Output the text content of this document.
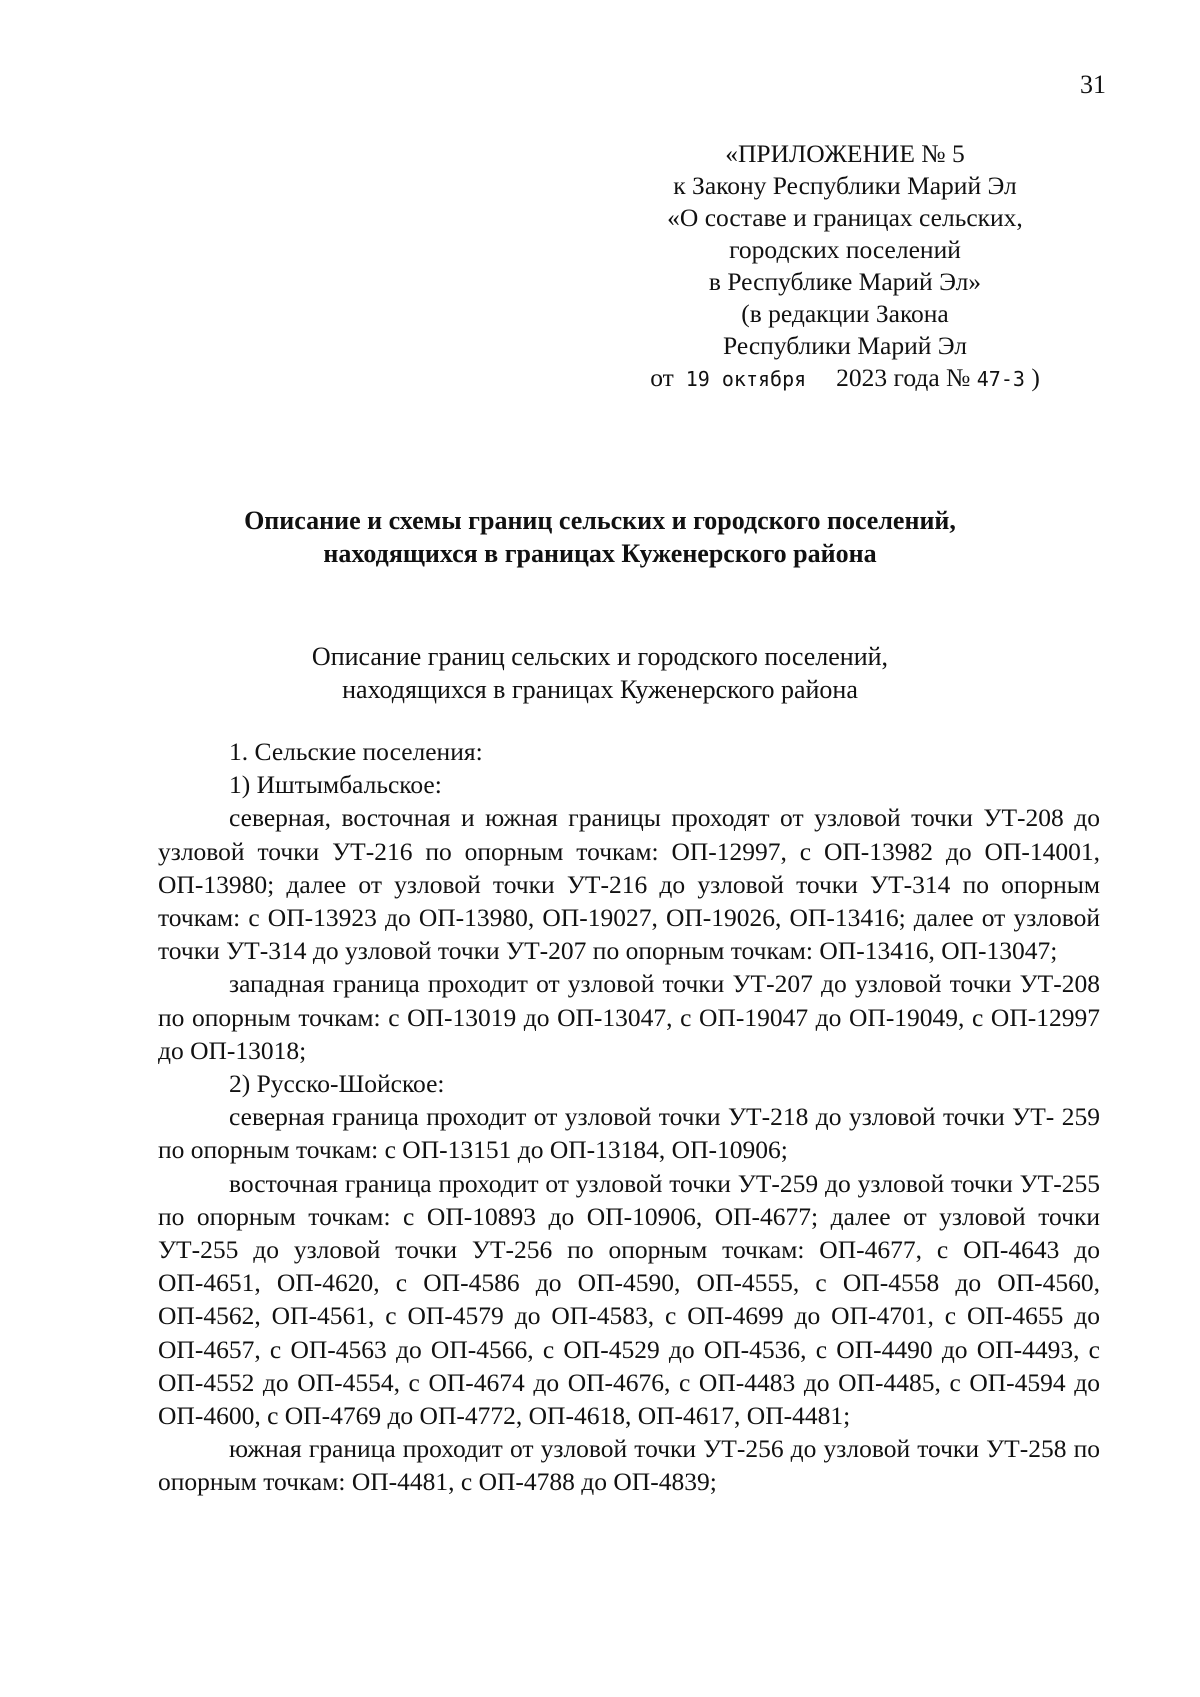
31
«ПРИЛОЖЕНИЕ № 5
к Закону Республики Марий Эл
«О составе и границах сельских,
городских поселений
в Республике Марий Эл»
(в редакции Закона
Республики Марий Эл
от 19 октября 2023 года № 47-З )
Описание и схемы границ сельских и городского поселений,
находящихся в границах Куженерского района
Описание границ сельских и городского поселений,
находящихся в границах Куженерского района
1. Сельские поселения:
1) Иштымбальское:
северная, восточная и южная границы проходят от узловой точки УТ-208 до узловой точки УТ-216 по опорным точкам: ОП-12997, с ОП-13982 до ОП-14001, ОП-13980; далее от узловой точки УТ-216 до узловой точки УТ-314 по опорным точкам: с ОП-13923 до ОП-13980, ОП-19027, ОП-19026, ОП-13416; далее от узловой точки УТ-314 до узловой точки УТ-207 по опорным точкам: ОП-13416, ОП-13047;
западная граница проходит от узловой точки УТ-207 до узловой точки УТ-208 по опорным точкам: с ОП-13019 до ОП-13047, с ОП-19047 до ОП-19049, с ОП-12997 до ОП-13018;
2) Русско-Шойское:
северная граница проходит от узловой точки УТ-218 до узловой точки УТ- 259 по опорным точкам: с ОП-13151 до ОП-13184, ОП-10906;
восточная граница проходит от узловой точки УТ-259 до узловой точки УТ-255 по опорным точкам: с ОП-10893 до ОП-10906, ОП-4677; далее от узловой точки УТ-255 до узловой точки УТ-256 по опорным точкам: ОП-4677, с ОП-4643 до ОП-4651, ОП-4620, с ОП-4586 до ОП-4590, ОП-4555, с ОП-4558 до ОП-4560, ОП-4562, ОП-4561, с ОП-4579 до ОП-4583, с ОП-4699 до ОП-4701, с ОП-4655 до ОП-4657, с ОП-4563 до ОП-4566, с ОП-4529 до ОП-4536, с ОП-4490 до ОП-4493, с ОП-4552 до ОП-4554, с ОП-4674 до ОП-4676, с ОП-4483 до ОП-4485, с ОП-4594 до ОП-4600, с ОП-4769 до ОП-4772, ОП-4618, ОП-4617, ОП-4481;
южная граница проходит от узловой точки УТ-256 до узловой точки УТ-258 по опорным точкам: ОП-4481, с ОП-4788 до ОП-4839;
